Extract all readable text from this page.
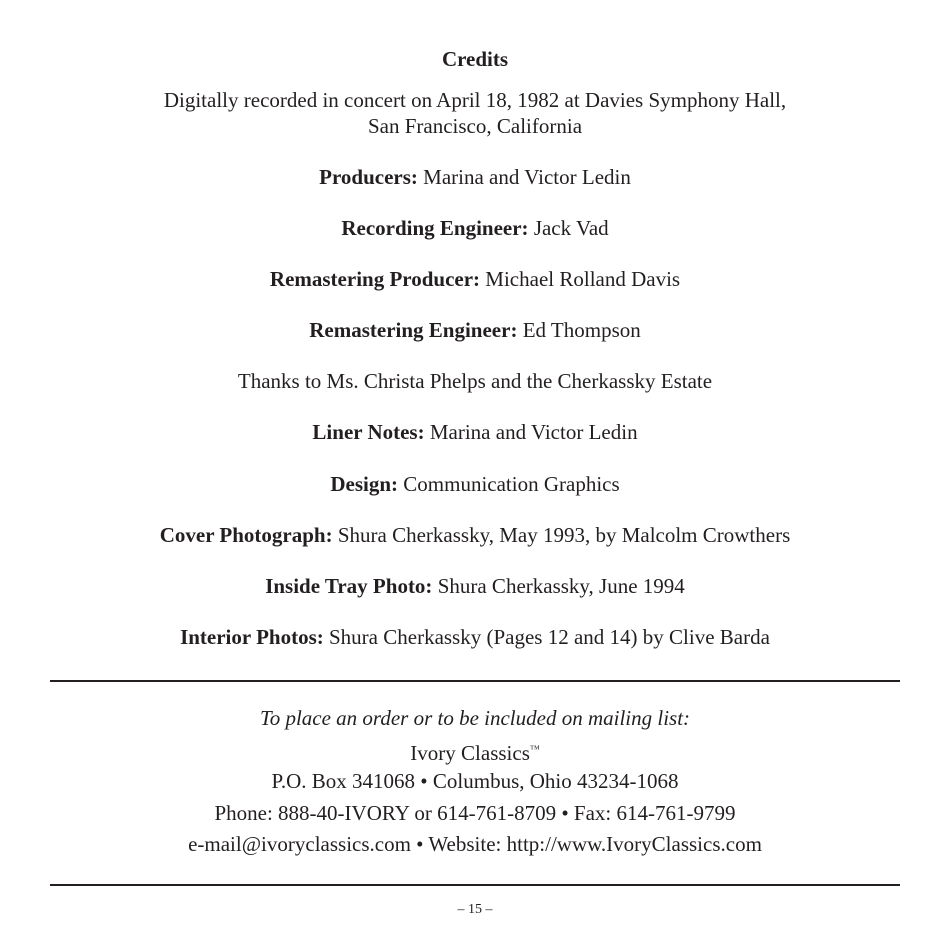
Credits
Digitally recorded in concert on April 18, 1982 at Davies Symphony Hall,
San Francisco, California
Producers: Marina and Victor Ledin
Recording Engineer: Jack Vad
Remastering Producer: Michael Rolland Davis
Remastering Engineer: Ed Thompson
Thanks to Ms. Christa Phelps and the Cherkassky Estate
Liner Notes: Marina and Victor Ledin
Design: Communication Graphics
Cover Photograph: Shura Cherkassky, May 1993, by Malcolm Crowthers
Inside Tray Photo: Shura Cherkassky, June 1994
Interior Photos: Shura Cherkassky (Pages 12 and 14) by Clive Barda
To place an order or to be included on mailing list:
Ivory Classics™
P.O. Box 341068 • Columbus, Ohio 43234-1068
Phone: 888-40-IVORY or 614-761-8709 • Fax: 614-761-9799
e-mail@ivoryclassics.com • Website: http://www.IvoryClassics.com
– 15 –
